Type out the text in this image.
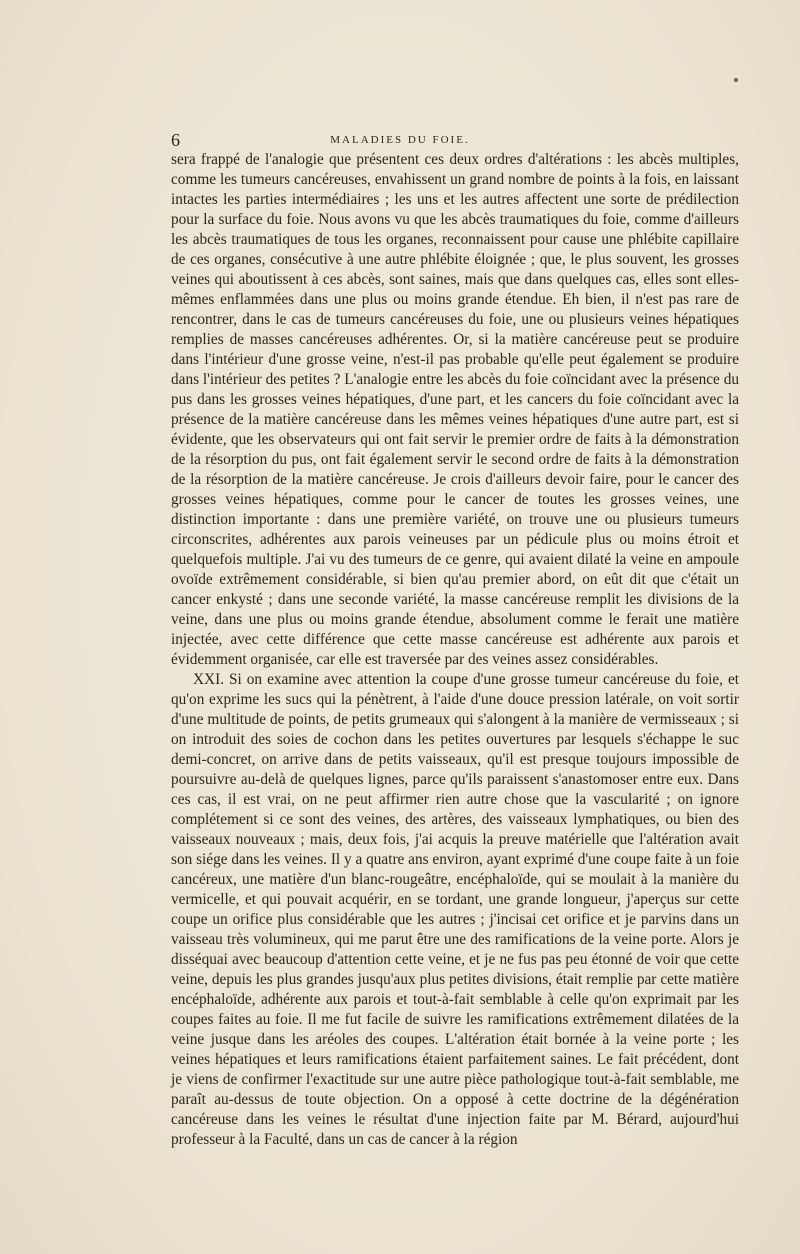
6	MALADIES DU FOIE.

sera frappé de l'analogie que présentent ces deux ordres d'altérations : les abcès multiples, comme les tumeurs cancéreuses, envahissent un grand nombre de points à la fois, en laissant intactes les parties intermédiaires ; les uns et les autres affectent une sorte de prédilection pour la surface du foie. Nous avons vu que les abcès traumatiques du foie, comme d'ailleurs les abcès traumatiques de tous les organes, reconnaissent pour cause une phlébite capillaire de ces organes, consécutive à une autre phlébite éloignée ; que, le plus souvent, les grosses veines qui aboutissent à ces abcès, sont saines, mais que dans quelques cas, elles sont elles-mêmes enflammées dans une plus ou moins grande étendue. Eh bien, il n'est pas rare de rencontrer, dans le cas de tumeurs cancéreuses du foie, une ou plusieurs veines hépatiques remplies de masses cancéreuses adhérentes. Or, si la matière cancéreuse peut se produire dans l'intérieur d'une grosse veine, n'est-il pas probable qu'elle peut également se produire dans l'intérieur des petites ? L'analogie entre les abcès du foie coïncidant avec la présence du pus dans les grosses veines hépatiques, d'une part, et les cancers du foie coïncidant avec la présence de la matière cancéreuse dans les mêmes veines hépatiques d'une autre part, est si évidente, que les observateurs qui ont fait servir le premier ordre de faits à la démonstration de la résorption du pus, ont fait également servir le second ordre de faits à la démonstration de la résorption de la matière cancéreuse. Je crois d'ailleurs devoir faire, pour le cancer des grosses veines hépatiques, comme pour le cancer de toutes les grosses veines, une distinction importante : dans une première variété, on trouve une ou plusieurs tumeurs circonscrites, adhérentes aux parois veineuses par un pédicule plus ou moins étroit et quelquefois multiple. J'ai vu des tumeurs de ce genre, qui avaient dilaté la veine en ampoule ovoïde extrêmement considérable, si bien qu'au premier abord, on eût dit que c'était un cancer enkysté ; dans une seconde variété, la masse cancéreuse remplit les divisions de la veine, dans une plus ou moins grande étendue, absolument comme le ferait une matière injectée, avec cette différence que cette masse cancéreuse est adhérente aux parois et évidemment organisée, car elle est traversée par des veines assez considérables.

XXI. Si on examine avec attention la coupe d'une grosse tumeur cancéreuse du foie, et qu'on exprime les sucs qui la pénètrent, à l'aide d'une douce pression latérale, on voit sortir d'une multitude de points, de petits grumeaux qui s'alongent à la manière de vermisseaux ; si on introduit des soies de cochon dans les petites ouvertures par lesquels s'échappe le suc demi-concret, on arrive dans de petits vaisseaux, qu'il est presque toujours impossible de poursuivre au-delà de quelques lignes, parce qu'ils paraissent s'anastomoser entre eux. Dans ces cas, il est vrai, on ne peut affirmer rien autre chose que la vascularité ; on ignore complétement si ce sont des veines, des artères, des vaisseaux lymphatiques, ou bien des vaisseaux nouveaux ; mais, deux fois, j'ai acquis la preuve matérielle que l'altération avait son siége dans les veines. Il y a quatre ans environ, ayant exprimé d'une coupe faite à un foie cancéreux, une matière d'un blanc-rougeâtre, encéphaloïde, qui se moulait à la manière du vermicelle, et qui pouvait acquérir, en se tordant, une grande longueur, j'aperçus sur cette coupe un orifice plus considérable que les autres ; j'incisai cet orifice et je parvins dans un vaisseau très volumineux, qui me parut être une des ramifications de la veine porte. Alors je disséquai avec beaucoup d'attention cette veine, et je ne fus pas peu étonné de voir que cette veine, depuis les plus grandes jusqu'aux plus petites divisions, était remplie par cette matière encéphaloïde, adhérente aux parois et tout-à-fait semblable à celle qu'on exprimait par les coupes faites au foie. Il me fut facile de suivre les ramifications extrêmement dilatées de la veine jusque dans les aréoles des coupes. L'altération était bornée à la veine porte ; les veines hépatiques et leurs ramifications étaient parfaitement saines. Le fait précédent, dont je viens de confirmer l'exactitude sur une autre pièce pathologique tout-à-fait semblable, me paraît au-dessus de toute objection. On a opposé à cette doctrine de la dégénération cancéreuse dans les veines le résultat d'une injection faite par M. Bérard, aujourd'hui professeur à la Faculté, dans un cas de cancer à la région
